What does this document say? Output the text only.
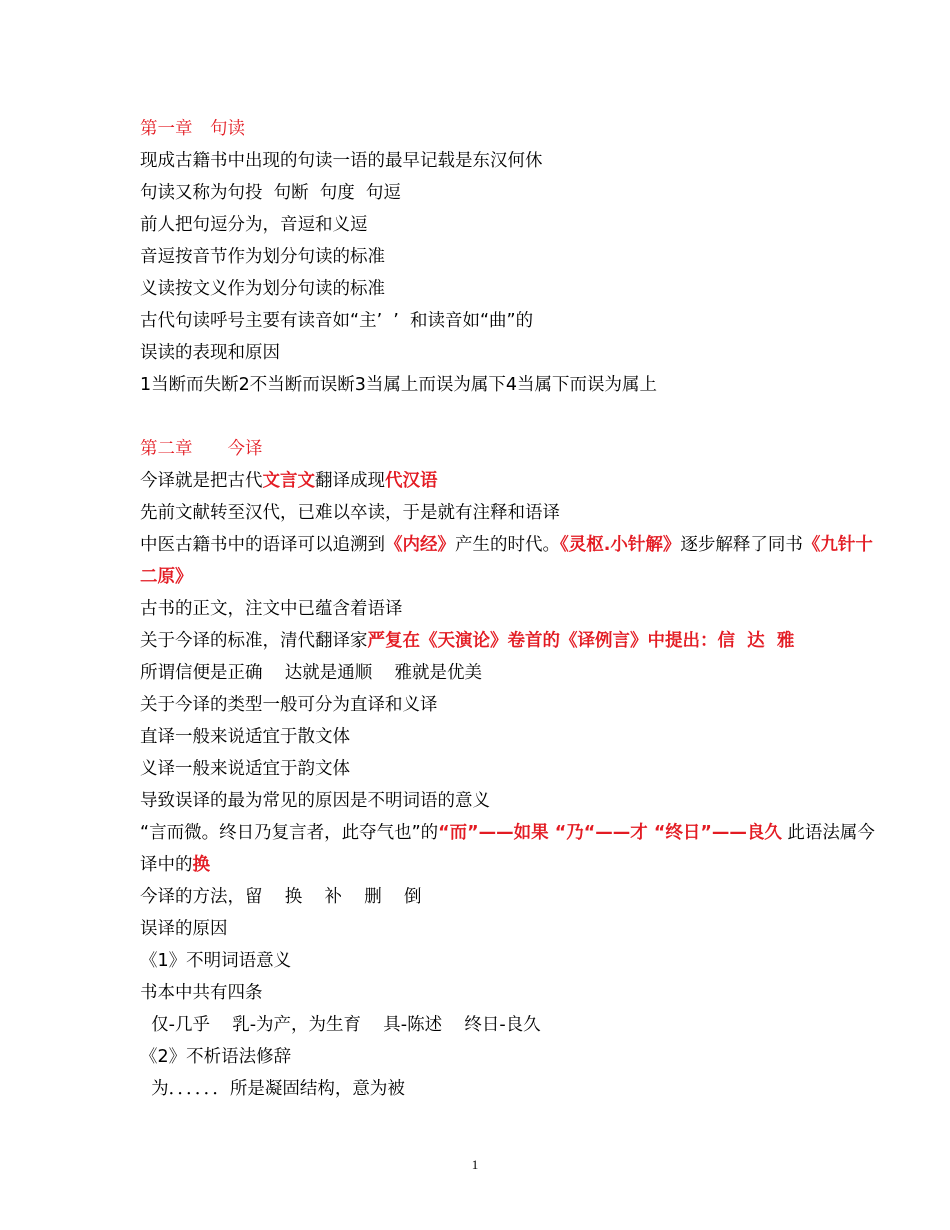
第一章　句读
现成古籍书中出现的句读一语的最早记载是东汉何休
句读又称为句投  句断  句度  句逗
前人把句逗分为，音逗和义逗
音逗按音节作为划分句读的标准
义读按文义作为划分句读的标准
古代句读呼号主要有读音如“主’  ’  和读音如“曲”的
误读的表现和原因
1当断而失断2不当断而误断3当属上而误为属下4当属下而误为属上
第二章　　今译
今译就是把古代文言文翻译成现代汉语
先前文献转至汉代，已难以卒读，于是就有注释和语译
中医古籍书中的语译可以追溯到《内经》产生的时代。《灵枢.小针解》逐步解释了同书《九针十二原》
古书的正文，注文中已蕴含着语译
关于今译的标准，清代翻译家严复在《天演论》卷首的《译例言》中提出：信  达  雅
所谓信便是正确    达就是通顺    雅就是优美
关于今译的类型一般可分为直译和义译
直译一般来说适宜于散文体
义译一般来说适宜于韵文体
导致误译的最为常见的原因是不明词语的意义
“言而微。终日乃复言者，此夺气也”的“而”——如果 “乃“——才 “终日”——良久 此语法属今译中的换
今译的方法，留    换    补    删    倒
误译的原因
《1》不明词语意义
书本中共有四条
仅-几乎    乳-为产，为生育    具-陈述    终日-良久
《2》不析语法修辞
为．．．．．．所是凝固结构，意为被
1
